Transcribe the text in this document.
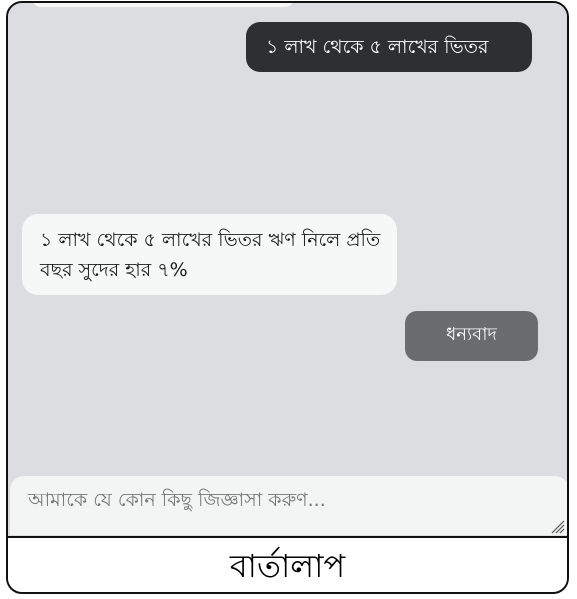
১ লাখ থেকে ৫ লাখের ভিতর
১ লাখ থেকে ৫ লাখের ভিতর ঋণ নিলে প্রতি বছর সুদের হার ৭%
ধন্যবাদ
আমাকে যে কোন কিছু জিজ্ঞাসা করুণ...
বার্তালাপ
